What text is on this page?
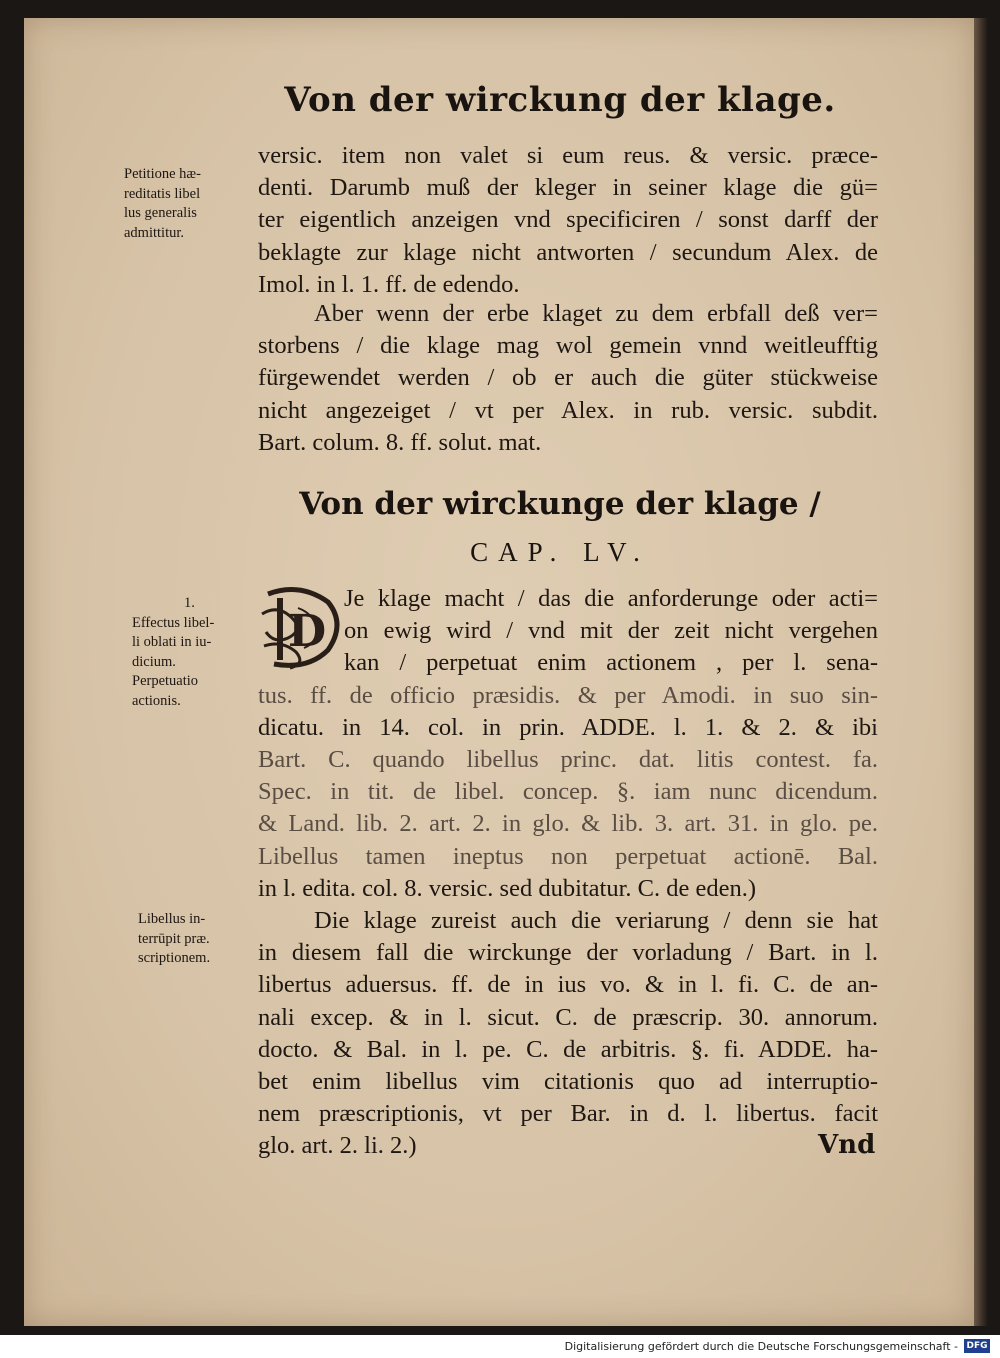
Von der wirckung der klage.
Petitione hæ-
reditatis libel
lus generalis
admittitur.
versic. item non valet si eum reus. & versic. præce-
denti. Darumb muß der kleger in seiner klage die gü=
ter eigentlich anzeigen vnd specificiren / sonst darff der
beklagte zur klage nicht antworten / secundum Alex. de
Imol. in l. 1. ff. de edendo.
Aber wenn der erbe klaget zu dem erbfall deß ver=
storbens / die klage mag wol gemein vnnd weitleufftig
fürgewendet werden / ob er auch die güter stückweise
nicht angezeiget / vt per Alex. in rub. versic. subdit.
Bart. colum. 8. ff. solut. mat.
Von der wirckunge der klage /
CAP. LV.
1.
Effectus libel-
li oblati in iu-
dicium.
Perpetuatio
actionis.
D
Je klage macht / das die anforderunge oder acti=
on ewig wird / vnd mit der zeit nicht vergehen
kan / perpetuat enim actionem , per l. sena-
tus. ff. de officio præsidis. & per Amodi. in suo sin-
dicatu. in 14. col. in prin. ADDE. l. 1. & 2. & ibi
Bart. C. quando libellus princ. dat. litis contest. fa.
Spec. in tit. de libel. concep. §. iam nunc dicendum.
& Land. lib. 2. art. 2. in glo. & lib. 3. art. 31. in glo. pe.
Libellus tamen ineptus non perpetuat actionē. Bal.
in l. edita. col. 8. versic. sed dubitatur. C. de eden.)
Libellus in-
terrūpit præ.
scriptionem.
Die klage zureist auch die veriarung / denn sie hat
in diesem fall die wirckunge der vorladung / Bart. in l.
libertus aduersus. ff. de in ius vo. & in l. fi. C. de an-
nali excep. & in l. sicut. C. de præscrip. 30. annorum.
docto. & Bal. in l. pe. C. de arbitris. §. fi. ADDE. ha-
bet enim libellus vim citationis quo ad interruptio-
nem præscriptionis, vt per Bar. in d. l. libertus. facit
glo. art. 2. li. 2.)	Vnd
Digitalisierung gefördert durch die Deutsche Forschungsgemeinschaft - DFG
